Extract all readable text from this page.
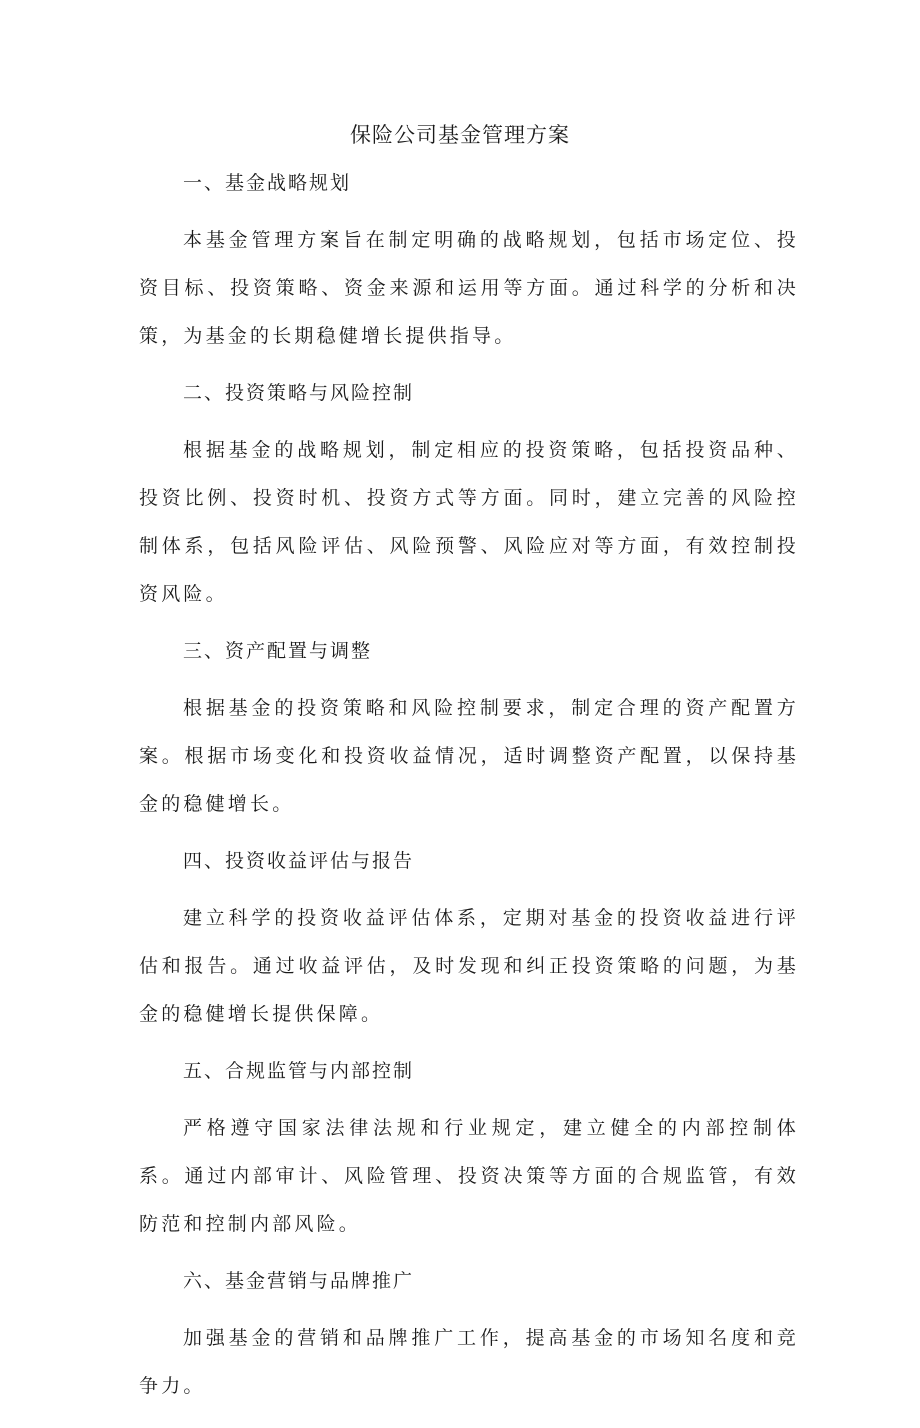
保险公司基金管理方案
一、基金战略规划

本基金管理方案旨在制定明确的战略规划，包括市场定位、投资目标、投资策略、资金来源和运用等方面。通过科学的分析和决策，为基金的长期稳健增长提供指导。

二、投资策略与风险控制

根据基金的战略规划，制定相应的投资策略，包括投资品种、投资比例、投资时机、投资方式等方面。同时，建立完善的风险控制体系，包括风险评估、风险预警、风险应对等方面，有效控制投资风险。

三、资产配置与调整

根据基金的投资策略和风险控制要求，制定合理的资产配置方案。根据市场变化和投资收益情况，适时调整资产配置，以保持基金的稳健增长。

四、投资收益评估与报告

建立科学的投资收益评估体系，定期对基金的投资收益进行评估和报告。通过收益评估，及时发现和纠正投资策略的问题，为基金的稳健增长提供保障。

五、合规监管与内部控制

严格遵守国家法律法规和行业规定，建立健全的内部控制体系。通过内部审计、风险管理、投资决策等方面的合规监管，有效防范和控制内部风险。

六、基金营销与品牌推广

加强基金的营销和品牌推广工作，提高基金的市场知名度和竞争力。
